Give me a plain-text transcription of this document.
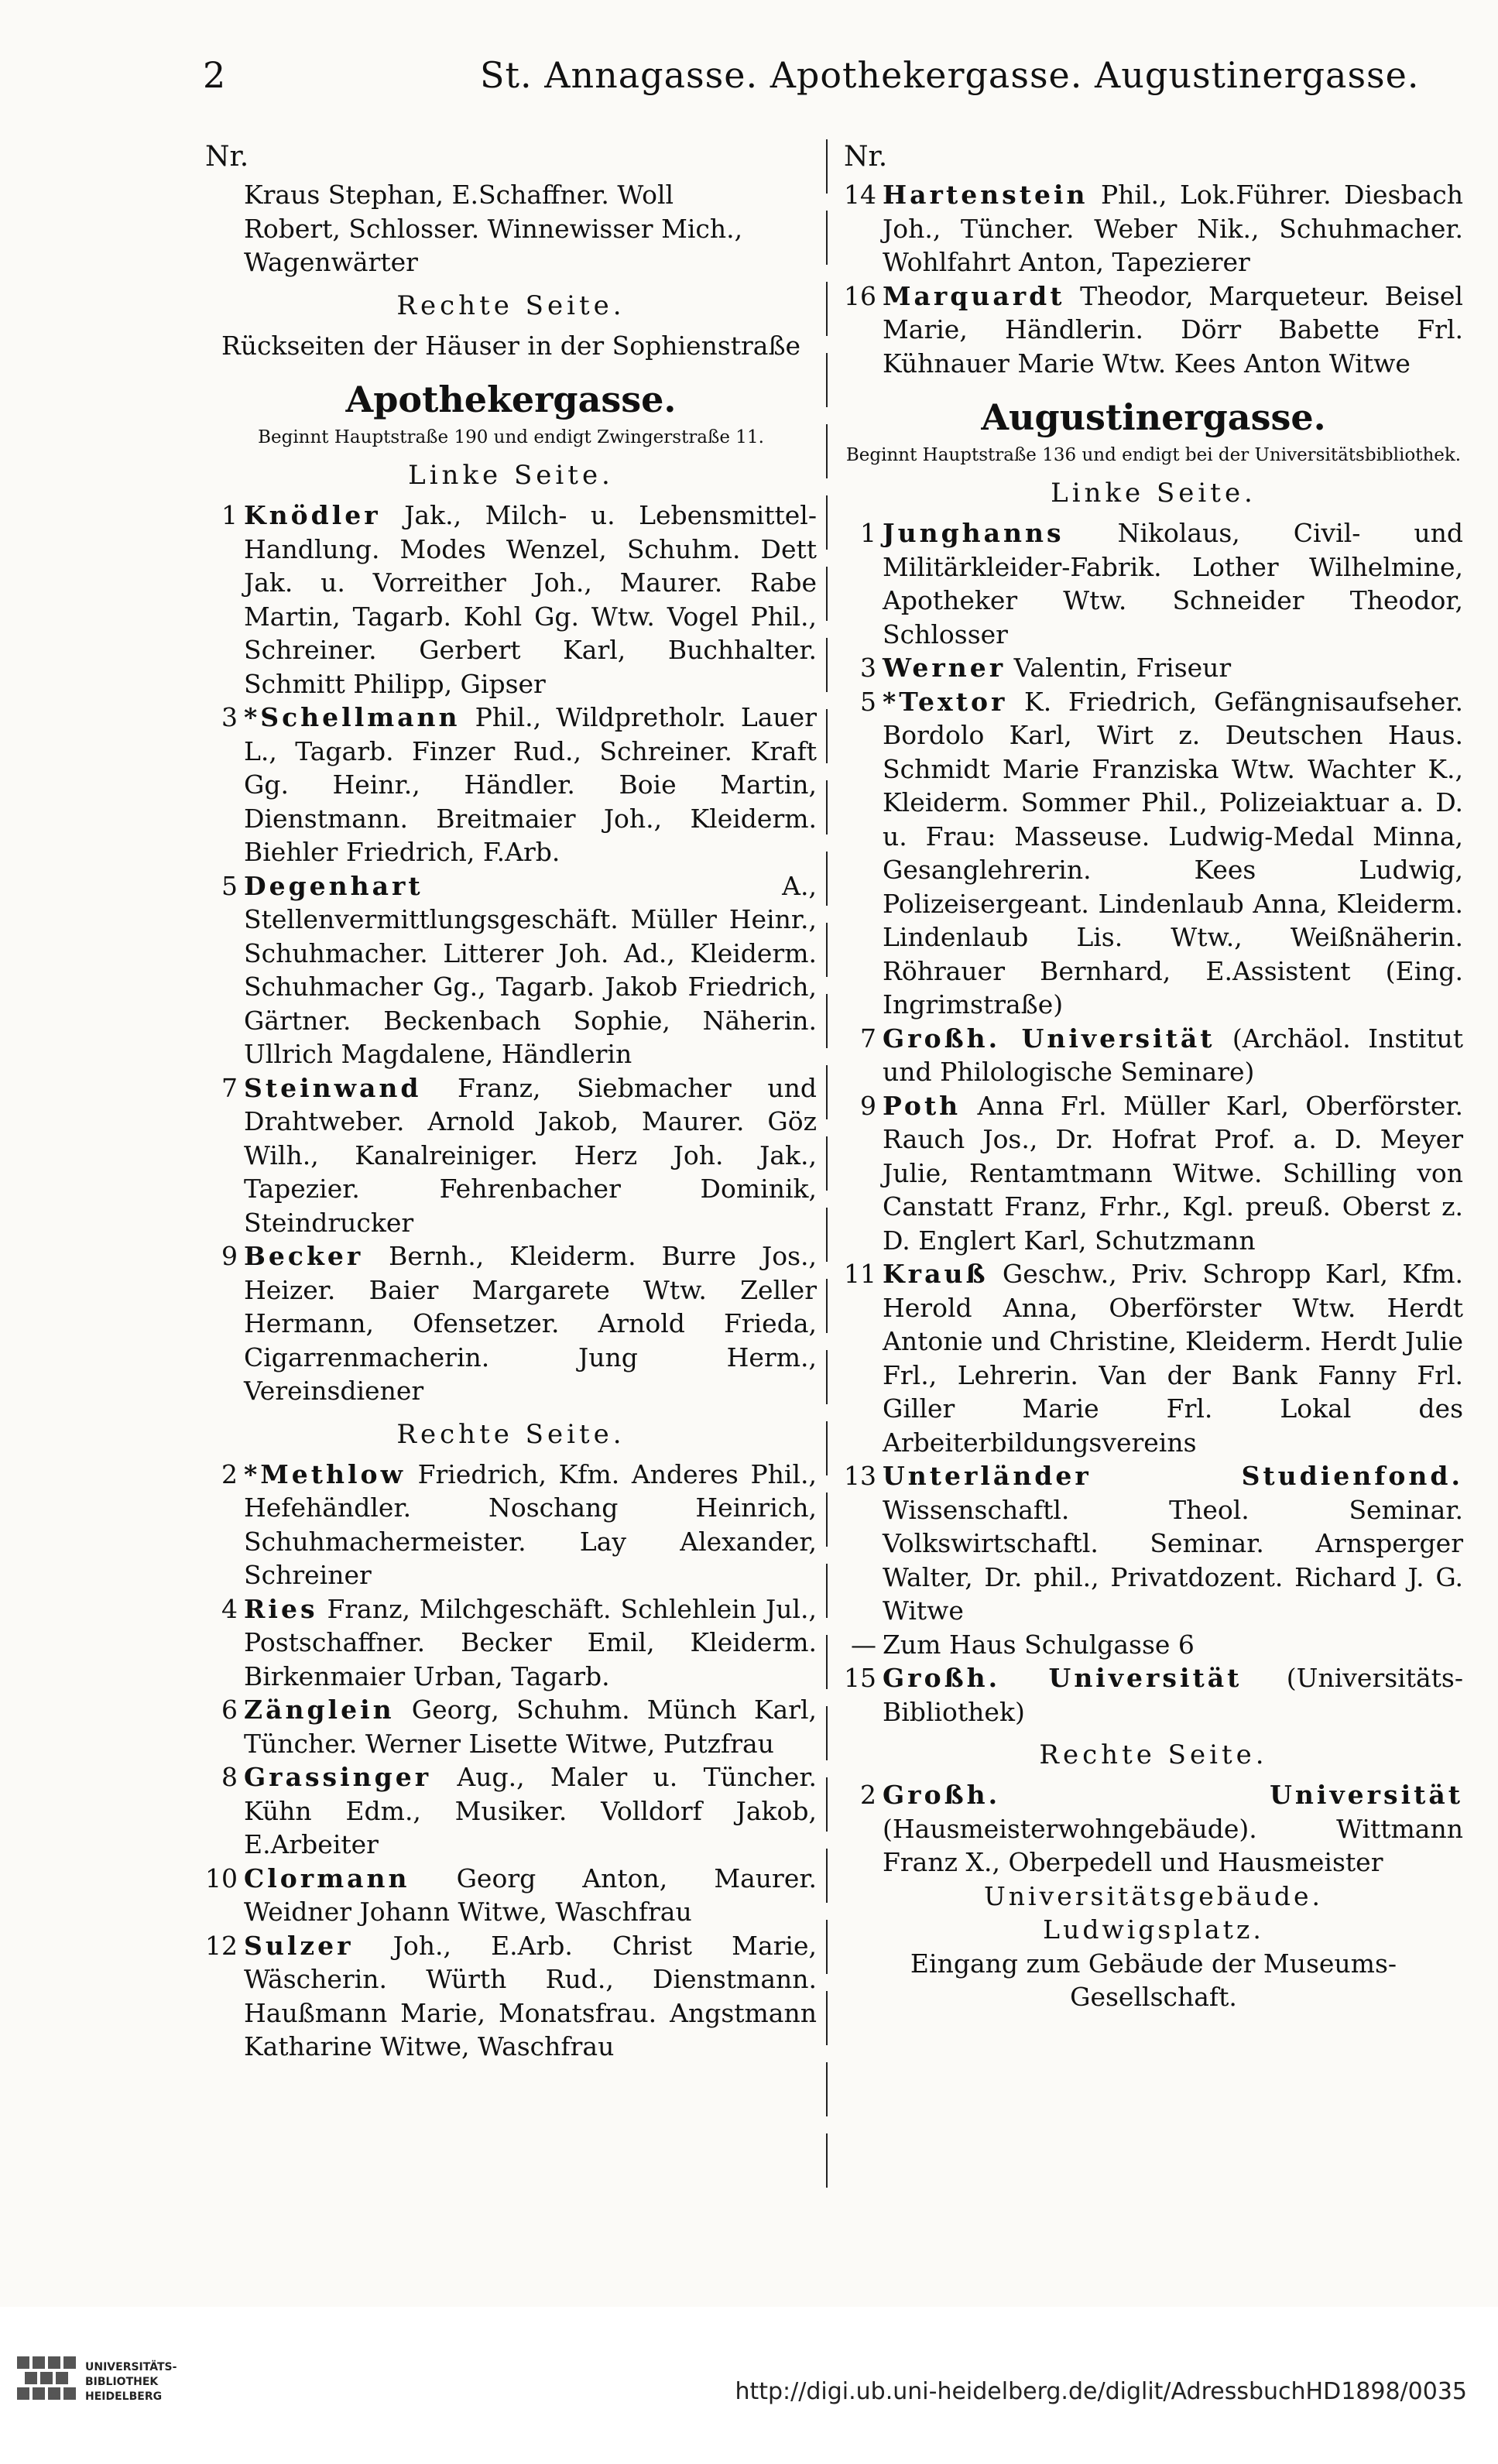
2	St. Annagasse. Apothekergasse. Augustinergasse.
Nr.
Kraus Stephan, E.Schaffner. Woll
Robert, Schlosser. Winnewisser Mich.,
Wagenwärter
Rechte Seite.
Rückseiten der Häuser in der Sophienstraße
Apothekergasse.
Beginnt Hauptstraße 190 und endigt Zwingerstraße 11.
Linke Seite.
1 Knödler Jak., Milch- u. Lebensmittel-Handlung. Modes Wenzel, Schuhm. Dett Jak. u. Vorreither Joh., Maurer. Rabe Martin, Tagarb. Kohl Gg. Wtw. Vogel Phil., Schreiner. Gerbert Karl, Buchhalter. Schmitt Philipp, Gipser
3 *Schellmann Phil., Wildpretholr. Lauer L., Tagarb. Finzer Rud., Schreiner. Kraft Gg. Heinr., Händler. Boie Martin, Dienstmann. Breitmaier Joh., Kleiderm. Biehler Friedrich, F.Arb.
5 Degenhart A., Stellenvermittlungsgeschäft. Müller Heinr., Schuhmacher. Litterer Joh. Ad., Kleiderm. Schuhmacher Gg., Tagarb. Jakob Friedrich, Gärtner. Beckenbach Sophie, Näherin. Ullrich Magdalene, Händlerin
7 Steinwand Franz, Siebmacher und Drahtweber. Arnold Jakob, Maurer. Göz Wilh., Kanalreiniger. Herz Joh. Jak., Tapezier. Fehrenbacher Dominik, Steindrucker
9 Becker Bernh., Kleiderm. Burre Jos., Heizer. Baier Margarete Wtw. Zeller Hermann, Ofensetzer. Arnold Frieda, Cigarrenmacherin. Jung Herm., Vereinsdiener
Rechte Seite.
2 *Methlow Friedrich, Kfm. Anderes Phil., Hefehändler. Noschang Heinrich, Schuhmachermeister. Lay Alexander, Schreiner
4 Ries Franz, Milchgeschäft. Schlehlein Jul., Postschaffner. Becker Emil, Kleiderm. Birkenmaier Urban, Tagarb.
6 Zänglein Georg, Schuhm. Münch Karl, Tüncher. Werner Lisette Witwe, Putzfrau
8 Grassinger Aug., Maler u. Tüncher. Kühn Edm., Musiker. Volldorf Jakob, E.Arbeiter
10 Clormann Georg Anton, Maurer. Weidner Johann Witwe, Waschfrau
12 Sulzer Joh., E.Arb. Christ Marie, Wäscherin. Würth Rud., Dienstmann. Haußmann Marie, Monatsfrau. Angstmann Katharine Witwe, Waschfrau
Nr.
14 Hartenstein Phil., Lok.Führer. Diesbach Joh., Tüncher. Weber Nik., Schuhmacher. Wohlfahrt Anton, Tapezierer
16 Marquardt Theodor, Marqueteur. Beisel Marie, Händlerin. Dörr Babette Frl. Kühnauer Marie Wtw. Kees Anton Witwe
Augustinergasse.
Beginnt Hauptstraße 136 und endigt bei der Universitätsbibliothek.
Linke Seite.
1 Junghanns Nikolaus, Civil- und Militärkleider-Fabrik. Lother Wilhelmine, Apotheker Wtw. Schneider Theodor, Schlosser
3 Werner Valentin, Friseur
5 *Textor K. Friedrich, Gefängnisaufseher. Bordolo Karl, Wirt z. Deutschen Haus. Schmidt Marie Franziska Wtw. Wachter K., Kleiderm. Sommer Phil., Polizeiaktuar a. D. u. Frau: Masseuse. Ludwig-Medal Minna, Gesanglehrerin. Kees Ludwig, Polizeisergeant. Lindenlaub Anna, Kleiderm. Lindenlaub Lis. Wtw., Weißnäherin. Röhrauer Bernhard, E.Assistent (Eing. Ingrimstraße)
7 Großh. Universität (Archäol. Institut und Philologische Seminare)
9 Poth Anna Frl. Müller Karl, Oberförster. Rauch Jos., Dr. Hofrat Prof. a. D. Meyer Julie, Rentamtmann Witwe. Schilling von Canstatt Franz, Frhr., Kgl. preuß. Oberst z. D. Englert Karl, Schutzmann
11 Krauß Geschw., Priv. Schropp Karl, Kfm. Herold Anna, Oberförster Wtw. Herdt Antonie und Christine, Kleiderm. Herdt Julie Frl., Lehrerin. Van der Bank Fanny Frl. Giller Marie Frl. Lokal des Arbeiterbildungsvereins
13 Unterländer Studienfond. Wissenschaftl. Theol. Seminar. Volkswirtschaftl. Seminar. Arnsperger Walter, Dr. phil., Privatdozent. Richard J. G. Witwe
— Zum Haus Schulgasse 6
15 Großh. Universität (Universitäts-Bibliothek)
Rechte Seite.
2 Großh. Universität (Hausmeisterwohngebäude). Wittmann Franz X., Oberpedell und Hausmeister
Universitätsgebäude.
Ludwigsplatz.
Eingang zum Gebäude der Museums-Gesellschaft.
UNIVERSITÄTS-
BIBLIOTHEK
HEIDELBERG	http://digi.ub.uni-heidelberg.de/diglit/AdressbuchHD1898/0035
